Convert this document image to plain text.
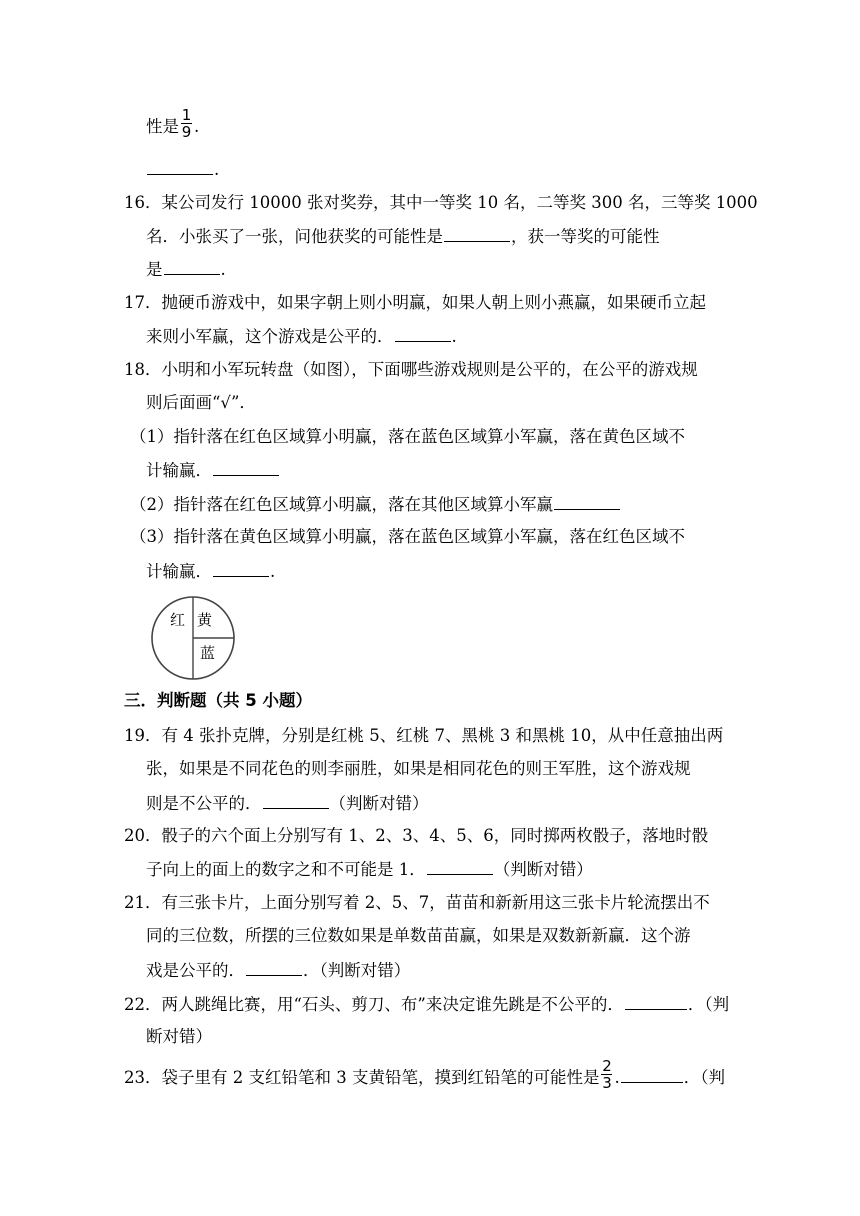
性是 $\frac{1}{9}$ .
.
16．某公司发行 10000 张对奖券，其中一等奖 10 名，二等奖 300 名，三等奖 1000
名．小张买了一张，问他获奖的可能性是	，获一等奖的可能性
是	.
17．抛硬币游戏中，如果字朝上则小明赢，如果人朝上则小燕赢，如果硬币立起
来则小军赢，这个游戏是公平的．	.
18．小明和小军玩转盘（如图），下面哪些游戏规则是公平的，在公平的游戏规
则后面画“√”．
（1）指针落在红色区域算小明赢，落在蓝色区域算小军赢，落在黄色区域不
计输赢．
（2）指针落在红色区域算小明赢，落在其他区域算小军赢
（3）指针落在黄色区域算小明赢，落在蓝色区域算小军赢，落在红色区域不
计输赢．	.
红 黄
蓝
三．判断题（共 5 小题）
19．有 4 张扑克牌，分别是红桃 5、红桃 7、黑桃 3 和黑桃 10，从中任意抽出两
张，如果是不同花色的则李丽胜，如果是相同花色的则王军胜，这个游戏规
则是不公平的．	（判断对错）
20．骰子的六个面上分别写有 1、2、3、4、5、6，同时掷两枚骰子，落地时骰
子向上的面上的数字之和不可能是 1．	（判断对错）
21．有三张卡片，上面分别写着 2、5、7，苗苗和新新用这三张卡片轮流摆出不
同的三位数，所摆的三位数如果是单数苗苗赢，如果是双数新新赢．这个游
戏是公平的．	．（判断对错）
22．两人跳绳比赛，用“石头、剪刀、布”来决定谁先跳是不公平的．	．（判
断对错）
23．袋子里有 2 支红铅笔和 3 支黄铅笔，摸到红铅笔的可能性是 $\frac{2}{3}$ .	．（判
